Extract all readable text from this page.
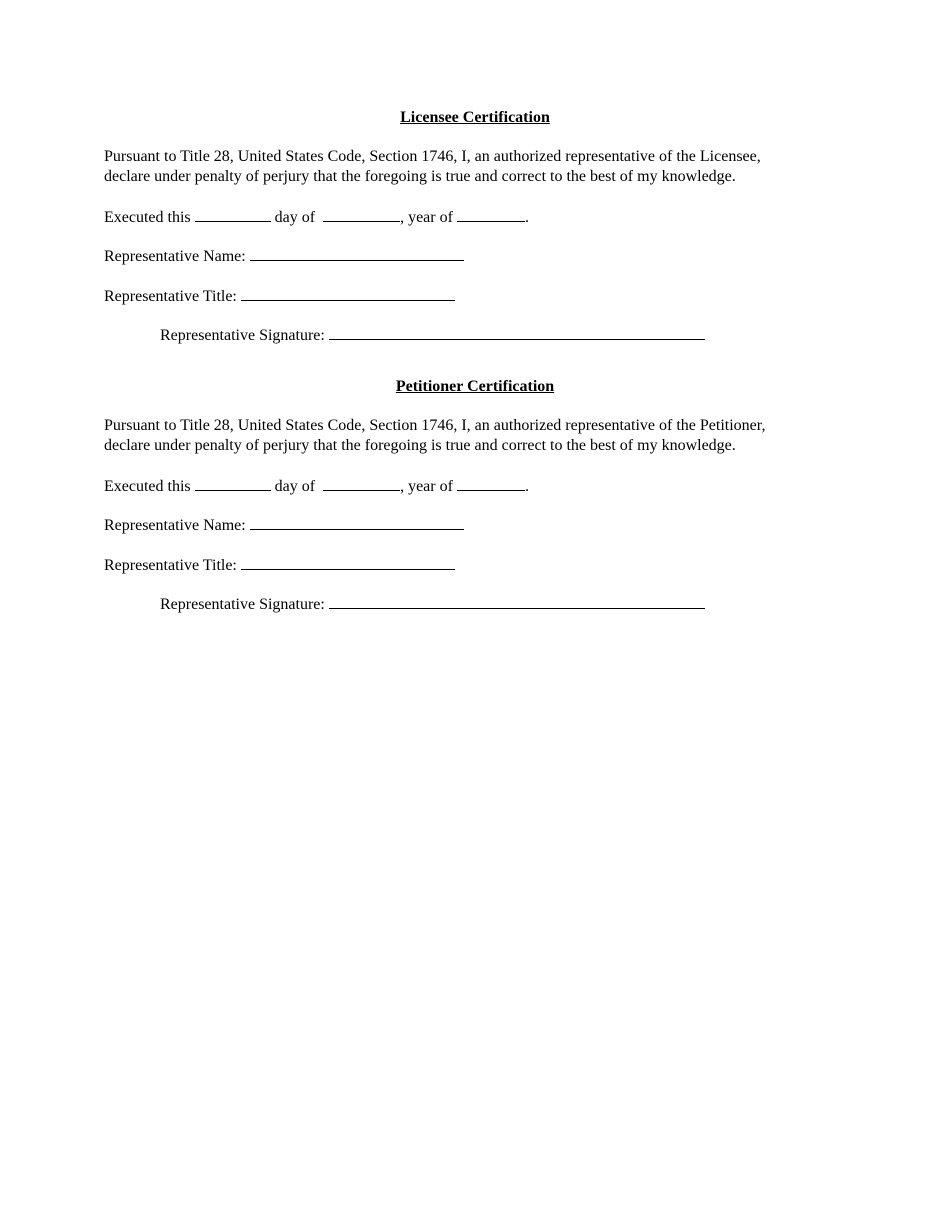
Licensee Certification
Pursuant to Title 28, United States Code, Section 1746, I, an authorized representative of the Licensee,
declare under penalty of perjury that the foregoing is true and correct to the best of my knowledge.
Executed this	day of	, year of	.
Representative Name:
Representative Title:
Representative Signature:
Petitioner Certification
Pursuant to Title 28, United States Code, Section 1746, I, an authorized representative of the Petitioner,
declare under penalty of perjury that the foregoing is true and correct to the best of my knowledge.
Executed this	day of	, year of	.
Representative Name:
Representative Title:
Representative Signature:
